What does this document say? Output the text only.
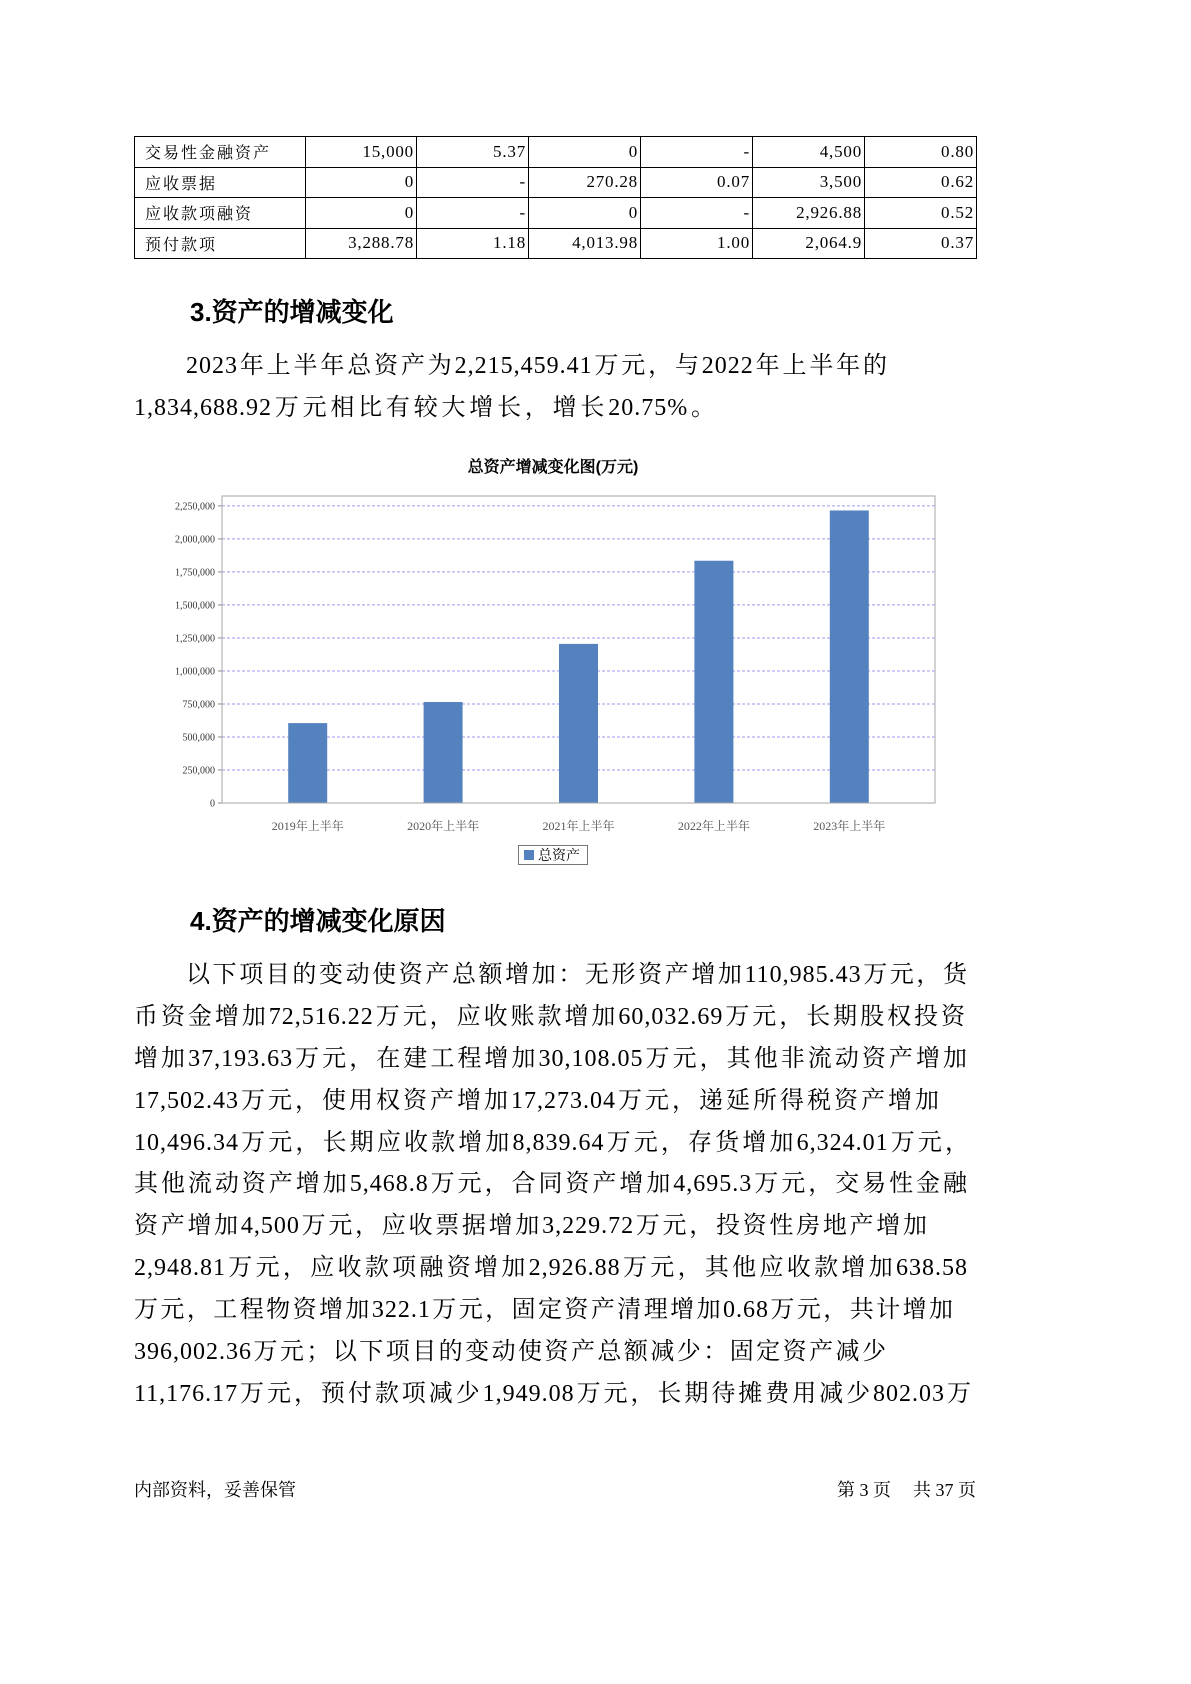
交易性金融资产	15,000	5.37	0	-	4,500	0.80
应收票据	0	-	270.28	0.07	3,500	0.62
应收款项融资	0	-	0	-	2,926.88	0.52
预付款项	3,288.78	1.18	4,013.98	1.00	2,064.9	0.37
3.资产的增减变化
2023年上半年总资产为2,215,459.41万元，与2022年上半年的
1,834,688.92万元相比有较大增长，增长20.75%。
总资产增减变化图(万元)
0
250,000
500,000
750,000
1,000,000
1,250,000
1,500,000
1,750,000
2,000,000
2,250,000
2019年上半年	2020年上半年	2021年上半年	2022年上半年	2023年上半年
总资产
4.资产的增减变化原因
以下项目的变动使资产总额增加：无形资产增加110,985.43万元，货
币资金增加72,516.22万元，应收账款增加60,032.69万元，长期股权投资
增加37,193.63万元，在建工程增加30,108.05万元，其他非流动资产增加
17,502.43万元，使用权资产增加17,273.04万元，递延所得税资产增加
10,496.34万元，长期应收款增加8,839.64万元，存货增加6,324.01万元，
其他流动资产增加5,468.8万元，合同资产增加4,695.3万元，交易性金融
资产增加4,500万元，应收票据增加3,229.72万元，投资性房地产增加
2,948.81万元，应收款项融资增加2,926.88万元，其他应收款增加638.58
万元，工程物资增加322.1万元，固定资产清理增加0.68万元，共计增加
396,002.36万元；以下项目的变动使资产总额减少：固定资产减少
11,176.17万元，预付款项减少1,949.08万元，长期待摊费用减少802.03万
内部资料，妥善保管	第 3 页 共 37 页
